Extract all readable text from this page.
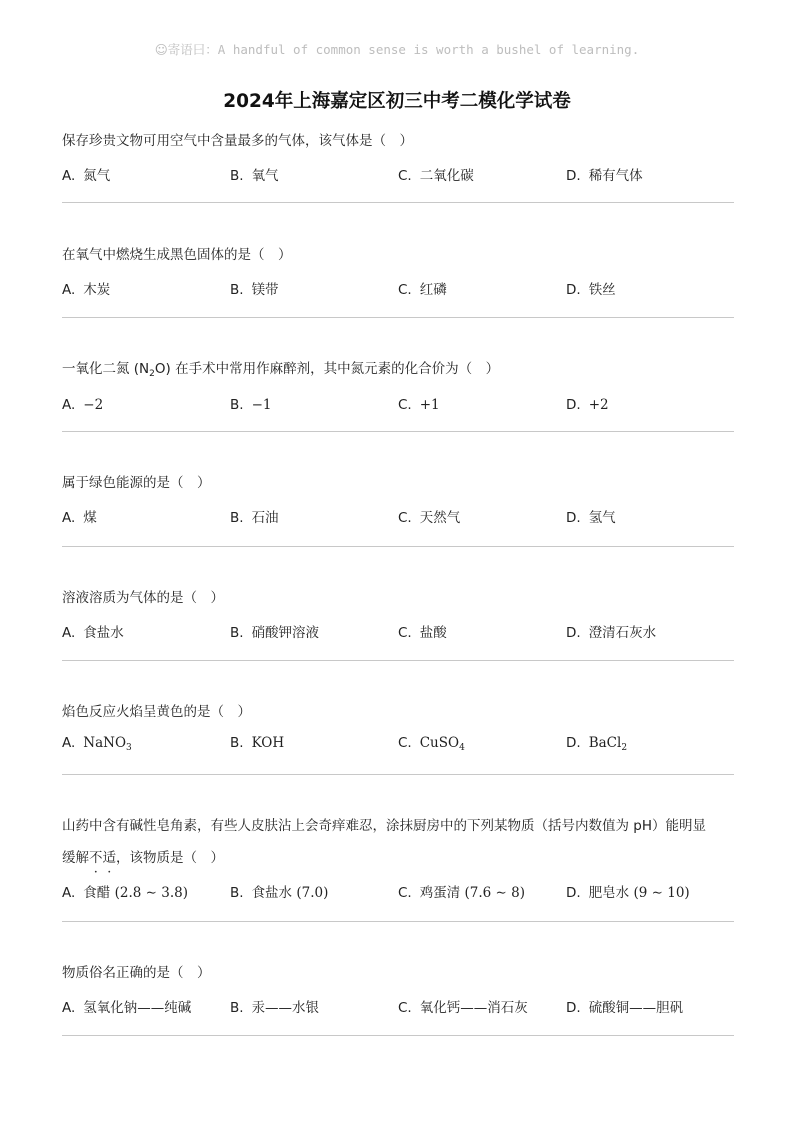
☺寄语曰：A handful of common sense is worth a bushel of learning.
2024年上海嘉定区初三中考二模化学试卷
保存珍贵文物可用空气中含量最多的气体，该气体是（　）
A. 氮气	B. 氧气	C. 二氧化碳	D. 稀有气体
在氧气中燃烧生成黑色固体的是（　）
A. 木炭	B. 镁带	C. 红磷	D. 铁丝
一氧化二氮 $(N_2O)$ 在手术中常用作麻醉剂，其中氮元素的化合价为（　）
A. −2	B. −1	C. +1	D. +2
属于绿色能源的是（　）
A. 煤	B. 石油	C. 天然气	D. 氢气
溶液溶质为气体的是（　）
A. 食盐水	B. 硝酸钾溶液	C. 盐酸	D. 澄清石灰水
焰色反应火焰呈黄色的是（　）
A. NaNO$_3$	B. KOH	C. CuSO$_4$	D. BaCl$_2$
山药中含有碱性皂角素，有些人皮肤沾上会奇痒难忍，涂抹厨房中的下列某物质（括号内数值为 pH）能明显
缓解不适，该物质是（　）
A. 食醋 (2.8 ∼ 3.8)	B. 食盐水 (7.0)	C. 鸡蛋清 (7.6 ∼ 8)	D. 肥皂水 (9 ∼ 10)
物质俗名正确的是（　）
A. 氢氧化钠——纯碱	B. 汞——水银	C. 氧化钙——消石灰	D. 硫酸铜——胆矾
